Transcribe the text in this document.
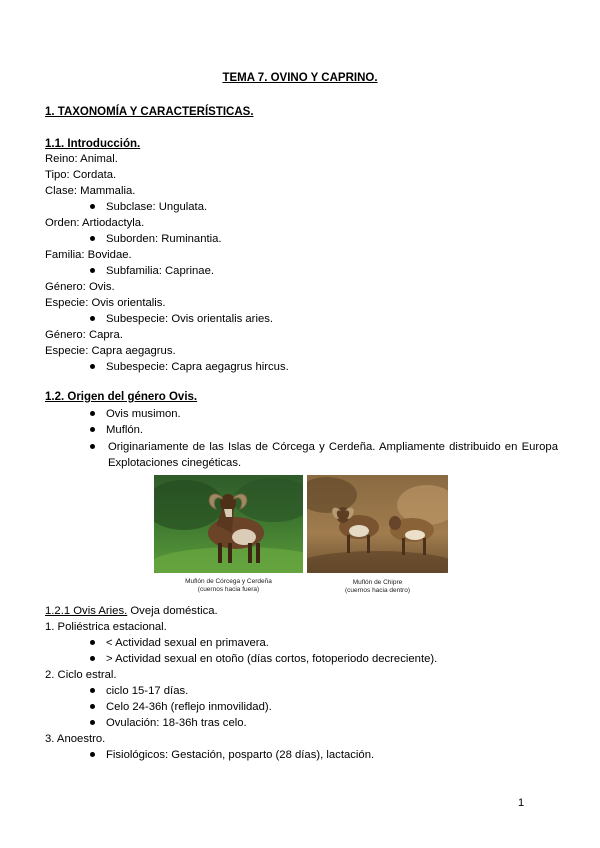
TEMA 7. OVINO Y CAPRINO.
1. TAXONOMÍA Y CARACTERÍSTICAS.
1.1. Introducción.
Reino: Animal.
Tipo: Cordata.
Clase: Mammalia.
Subclase: Ungulata.
Orden: Artiodactyla.
Suborden: Ruminantia.
Familia: Bovidae.
Subfamilia: Caprinae.
Género: Ovis.
Especie: Ovis orientalis.
Subespecie: Ovis orientalis aries.
Género: Capra.
Especie: Capra aegagrus.
Subespecie: Capra aegagrus hircus.
1.2. Origen del género Ovis.
Ovis musimon.
Muflón.
Originariamente de las Islas de Córcega y Cerdeña. Ampliamente distribuido en Europa Explotaciones cinegéticas.
Muflón de Córcega y Cerdeña
(cuernos hacia fuera)
Muflón de Chipre
(cuernos hacia dentro)
1.2.1 Ovis Aries. Oveja doméstica.
1. Poliéstrica estacional.
< Actividad sexual en primavera.
> Actividad sexual en otoño (días cortos, fotoperiodo decreciente).
2. Ciclo estral.
ciclo 15-17 días.
Celo 24-36h (reflejo inmovilidad).
Ovulación: 18-36h tras celo.
3. Anoestro.
Fisiológicos: Gestación, posparto (28 días), lactación.
1
